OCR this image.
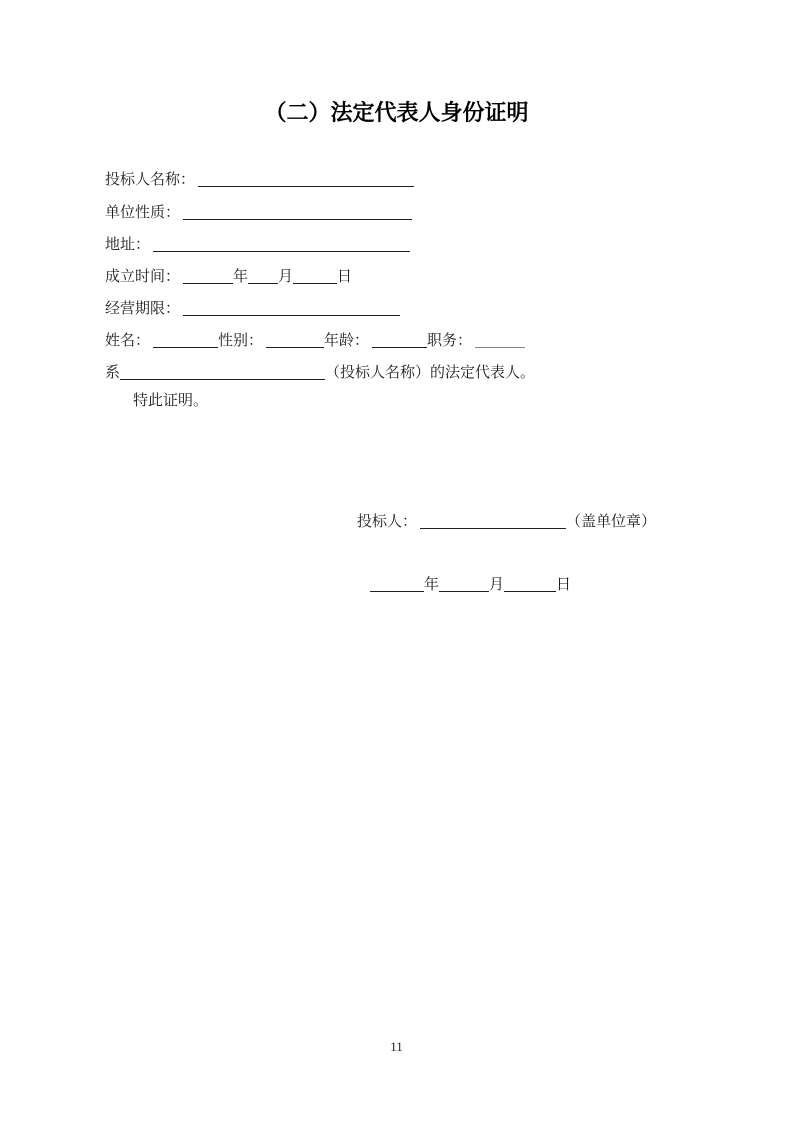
（二）法定代表人身份证明
投标人名称：
单位性质：
地址：
成立时间：	年 月	日
经营期限：
姓名：	性别：	年龄：	职务：
系	（投标人名称）的法定代表人。
特此证明。
投标人：	（盖单位章）
年	月	日
11
